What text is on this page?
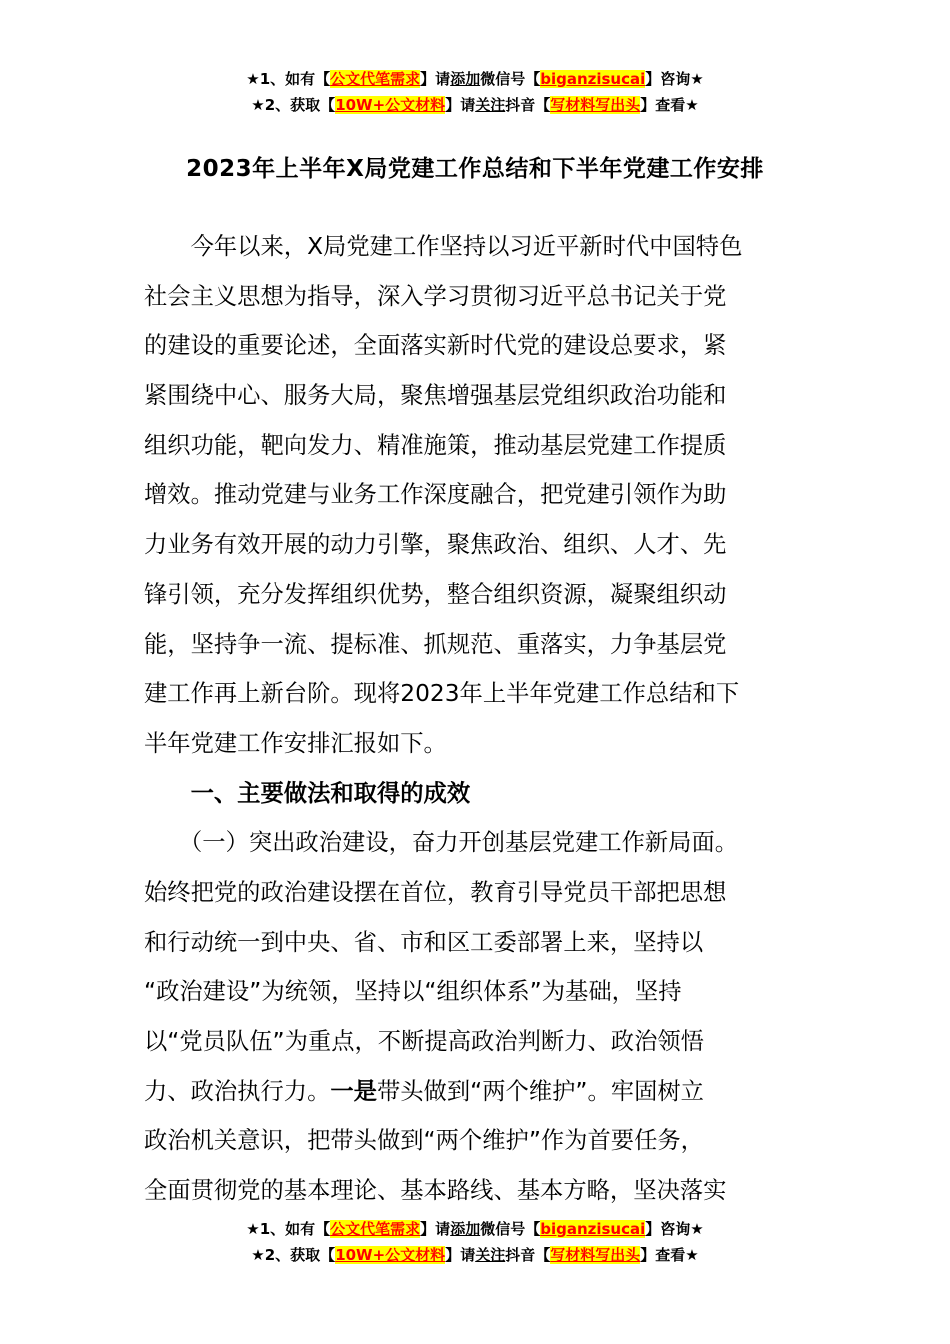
★1、如有【公文代笔需求】请添加微信号【biganzisucai】咨询★
★2、获取【10W+公文材料】请关注抖音【写材料写出头】查看★
2023年上半年X局党建工作总结和下半年党建工作安排
　　今年以来，X局党建工作坚持以习近平新时代中国特色
社会主义思想为指导，深入学习贯彻习近平总书记关于党
的建设的重要论述，全面落实新时代党的建设总要求，紧
紧围绕中心、服务大局，聚焦增强基层党组织政治功能和
组织功能，靶向发力、精准施策，推动基层党建工作提质
增效。推动党建与业务工作深度融合，把党建引领作为助
力业务有效开展的动力引擎，聚焦政治、组织、人才、先
锋引领，充分发挥组织优势，整合组织资源，凝聚组织动
能，坚持争一流、提标准、抓规范、重落实，力争基层党
建工作再上新台阶。现将2023年上半年党建工作总结和下
半年党建工作安排汇报如下。
　　一、主要做法和取得的成效
　　（一）突出政治建设，奋力开创基层党建工作新局面。
始终把党的政治建设摆在首位，教育引导党员干部把思想
和行动统一到中央、省、市和区工委部署上来，坚持以
“政治建设”为统领，坚持以“组织体系”为基础，坚持
以“党员队伍”为重点，不断提高政治判断力、政治领悟
力、政治执行力。一是带头做到“两个维护”。牢固树立
政治机关意识，把带头做到“两个维护”作为首要任务，
全面贯彻党的基本理论、基本路线、基本方略，坚决落实
★1、如有【公文代笔需求】请添加微信号【biganzisucai】咨询★
★2、获取【10W+公文材料】请关注抖音【写材料写出头】查看★
